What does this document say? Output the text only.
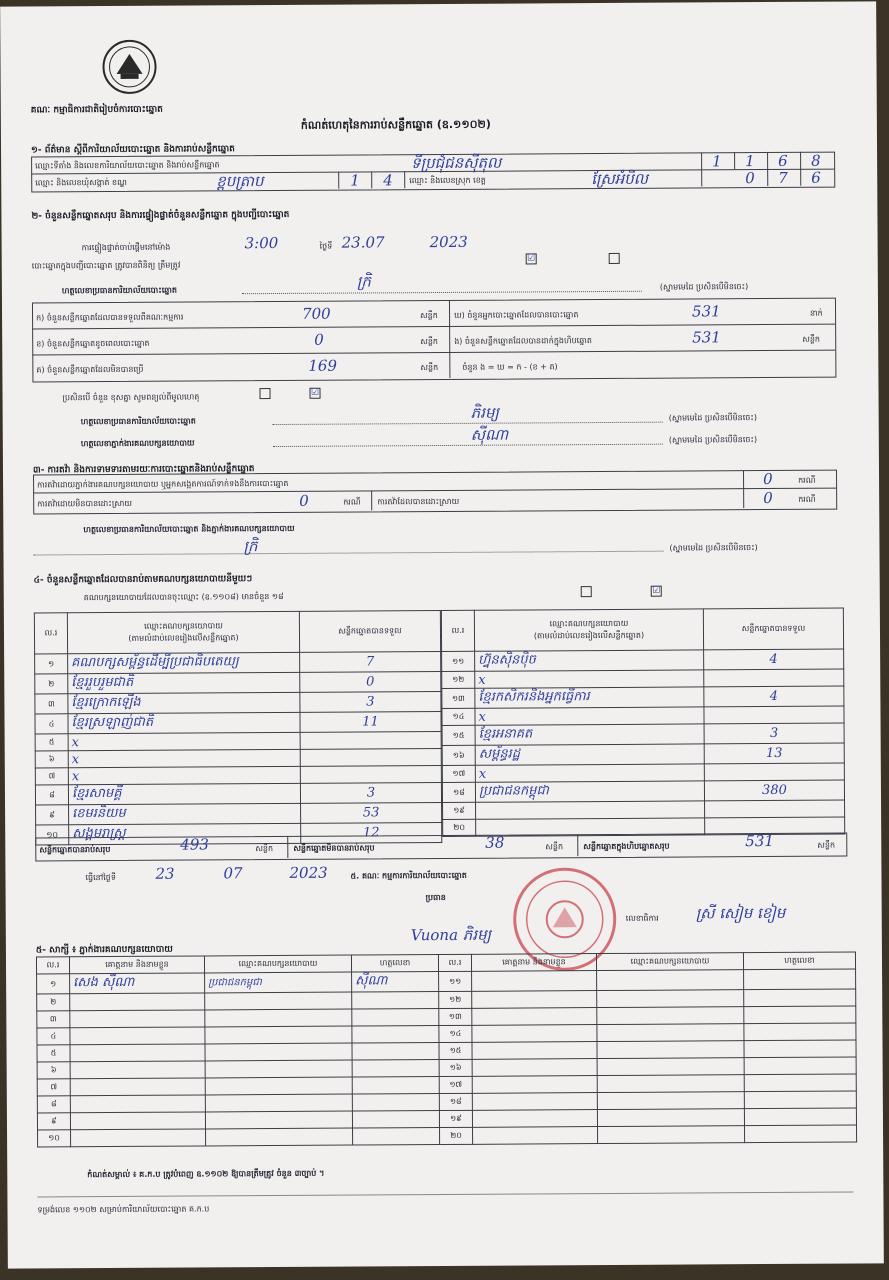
គណៈ កម្មាធិការជាតិរៀបចំការបោះឆ្នោត
កំណត់ហេតុនៃការរាប់សន្លឹកឆ្នោត (ឧ.១១០២)
១- ព័ត៌មាន ស្ដីពីការិយាល័យបោះឆ្នោត និងការរាប់សន្លឹកឆ្នោត
ឈ្មោះទីតាំង និងលេខការិយាល័យបោះឆ្នោត និងរាប់សន្លឹកឆ្នោត	ទីប្រជុំជនស៊ីតុល	1 1 6 8
ឈ្មោះ និងលេខឃុំសង្កាត់ ខណ្ឌ	ខ្ពបត្រាប	1 4 ឈ្មោះ និងលេខស្រុក ខេត្ត	ស្រែអំបិល	0 7 6
២- ចំនួនសន្លឹកឆ្នោតសរុប និងការផ្ទៀងផ្ទាត់ចំនួនសន្លឹកឆ្នោត ក្នុងបញ្ជីបោះឆ្នោត
ការផ្ទៀងផ្ទាត់ចាប់ផ្ដើមនៅម៉ោង	3:00	ថ្ងៃទី 23.07	2023
បោះឆ្នោតក្នុងបញ្ជីបោះឆ្នោត ត្រូវបានពិនិត្យ ត្រឹមត្រូវ
☑
ហត្ថលេខាប្រធានការិយាល័យបោះឆ្នោត	ក្រិ	(ស្នាមមេដៃ ប្រសិនបើមិនចេះ)
ក) ចំនួនសន្លឹកឆ្នោតដែលបានទទួលពីគណៈកម្មការ	700	សន្លឹក ឃ) ចំនួនអ្នកបោះឆ្នោតដែលបានបោះឆ្នោត	531	នាក់
ខ) ចំនួនសន្លឹកឆ្នោតខូចពេលបោះឆ្នោត	0	សន្លឹក ង) ចំនួនសន្លឹកឆ្នោតដែលបានដាក់ក្នុងហិបឆ្នោត	531	សន្លឹក
គ) ចំនួនសន្លឹកឆ្នោតដែលមិនបានប្រើ	169	សន្លឹក	ចំនួន ង = ឃ = ក - (ខ + គ)
ប្រសិនបើ ចំនួន ខុសគ្នា សូមពន្យល់ពីមូលហេតុ	☑
ហត្ថលេខាប្រធានការិយាល័យបោះឆ្នោត	ភិរម្យ	(ស្នាមមេដៃ ប្រសិនបើមិនចេះ)
ហត្ថលេខាភ្នាក់ងារគណបក្សនយោបាយ	ស៊ីណា	(ស្នាមមេដៃ ប្រសិនបើមិនចេះ)
៣- ការតវ៉ា និងការទាមទារតាមរយៈការបោះឆ្នោតនិងរាប់សន្លឹកឆ្នោត
ការតវ៉ាដោយភ្នាក់ងារគណបក្សនយោបាយ ឬអ្នកសង្កេតការណ៍ទាក់ទងនឹងការបោះឆ្នោត	0	ករណី
ការតវ៉ាដោយមិនបានដោះស្រាយ	0	ករណី ការតវ៉ាដែលបានដោះស្រាយ	0	ករណី
ហត្ថលេខាប្រធានការិយាល័យបោះឆ្នោត និងភ្នាក់ងារគណបក្សនយោបាយ
ក្រិ	(ស្នាមមេដៃ ប្រសិនបើមិនចេះ)
៤- ចំនួនសន្លឹកឆ្នោតដែលបានរាប់តាមគណបក្សនយោបាយនីមួយៗ
គណបក្សនយោបាយដែលបានចុះឈ្មោះ (ឧ.១១០៨) មានចំនួន ១៨
☑
ល.រ	ឈ្មោះគណបក្សនយោបាយ
(តាមលំដាប់លេខរៀងលើសន្លឹកឆ្នោត)	សន្លឹកឆ្នោតបានទទួល
១	គណបក្សសម្ព័ន្ធដើម្បីប្រជាធិបតេយ្យ	7
២	ខ្មែររួបរួមជាតិ	0
៣	ខ្មែរក្រោកឡើង	3
៤	ខ្មែរស្រឡាញ់ជាតិ	11
៥	x	
៦	x	
៧	x	
៨	ខ្មែរសាមគ្គី	3
៩	ខេមរនិយម	53
១០	សង្គមរាស្ត្រ	12
ល.រ	ឈ្មោះគណបក្សនយោបាយ
(តាមលំដាប់លេខរៀងលើសន្លឹកឆ្នោត)	សន្លឹកឆ្នោតបានទទួល
១១	ហ្វ៊ុនស៊ិនប៉ិច	4
១២	x	
១៣	ខ្មែរកសិករនិងអ្នកធ្វើការ	4
១៤	x	
១៥	ខ្មែរអនាគត	3
១៦	សម្ព័ន្ធរដ្ឋ	13
១៧	x	
១៨	ប្រជាជនកម្ពុជា	380
១៩		
២០		
សន្លឹកឆ្នោតបានរាប់សរុប	493	សន្លឹក	សន្លឹកឆ្នោតមិនបានរាប់សរុប	38	សន្លឹក	សន្លឹកឆ្នោតក្នុងហិបឆ្នោតសរុប	531	សន្លឹក
ធ្វើនៅថ្ងៃទី	23	07	2023	៥. គណៈ កម្មការការិយាល័យបោះឆ្នោត
ប្រធាន
Vuona ភិរម្យ
លេខាធិការ ស្រី សៀម ខៀម
៥- សាក្សី ៖ ភ្នាក់ងារគណបក្សនយោបាយ
ល.រ	គោត្តនាម និងនាមខ្លួន	ឈ្មោះគណបក្សនយោបាយ	ហត្ថលេខា	ល.រ	គោត្តនាម និងនាមខ្លួន	ឈ្មោះគណបក្សនយោបាយ	ហត្ថលេខា
១	សេង ស៊ីណា	ប្រជាជនកម្ពុជា	ស៊ីណា	១១			
២				១២			
៣				១៣			
៤				១៤			
៥				១៥			
៦				១៦			
៧				១៧			
៨				១៨			
៩				១៩			
១០				២០			
កំណត់សម្គាល់ ៖ គ.ក.ប ត្រូវបំពេញ ឧ.១១០២ ឱ្យបានត្រឹមត្រូវ ចំនួន ៣ច្បាប់ ។
ទម្រង់លេខ ១១០២ សម្រាប់ការិយាល័យបោះឆ្នោត គ.ក.ប
